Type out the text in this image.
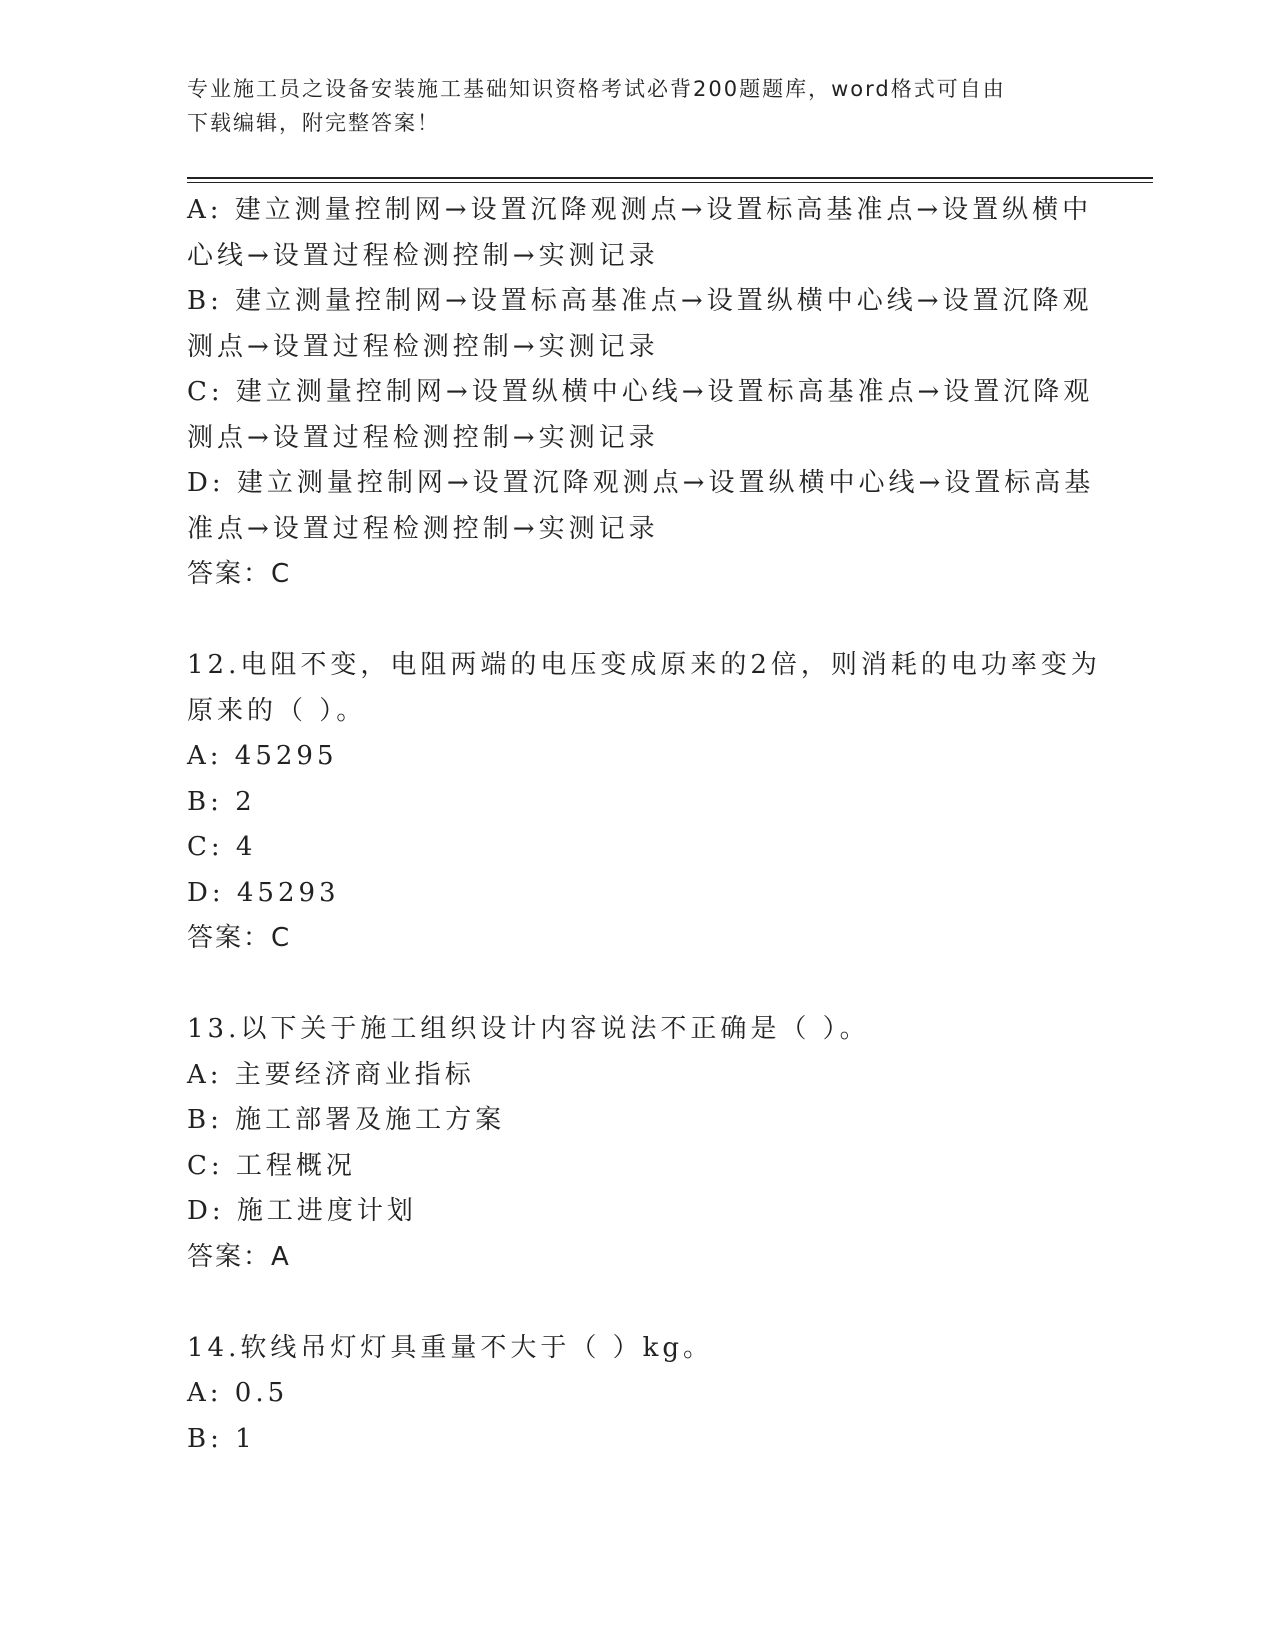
专业施工员之设备安装施工基础知识资格考试必背200题题库，word格式可自由
下载编辑，附完整答案！
A: 建立测量控制网→设置沉降观测点→设置标高基准点→设置纵横中
心线→设置过程检测控制→实测记录
B: 建立测量控制网→设置标高基准点→设置纵横中心线→设置沉降观
测点→设置过程检测控制→实测记录
C: 建立测量控制网→设置纵横中心线→设置标高基准点→设置沉降观
测点→设置过程检测控制→实测记录
D: 建立测量控制网→设置沉降观测点→设置纵横中心线→设置标高基
准点→设置过程检测控制→实测记录
答案：C
12.电阻不变，电阻两端的电压变成原来的2倍，则消耗的电功率变为
原来的（ ）。
A: 45295
B: 2
C: 4
D: 45293
答案：C
13.以下关于施工组织设计内容说法不正确是（ ）。
A: 主要经济商业指标
B: 施工部署及施工方案
C: 工程概况
D: 施工进度计划
答案：A
14.软线吊灯灯具重量不大于（ ）kg。
A: 0.5
B: 1
